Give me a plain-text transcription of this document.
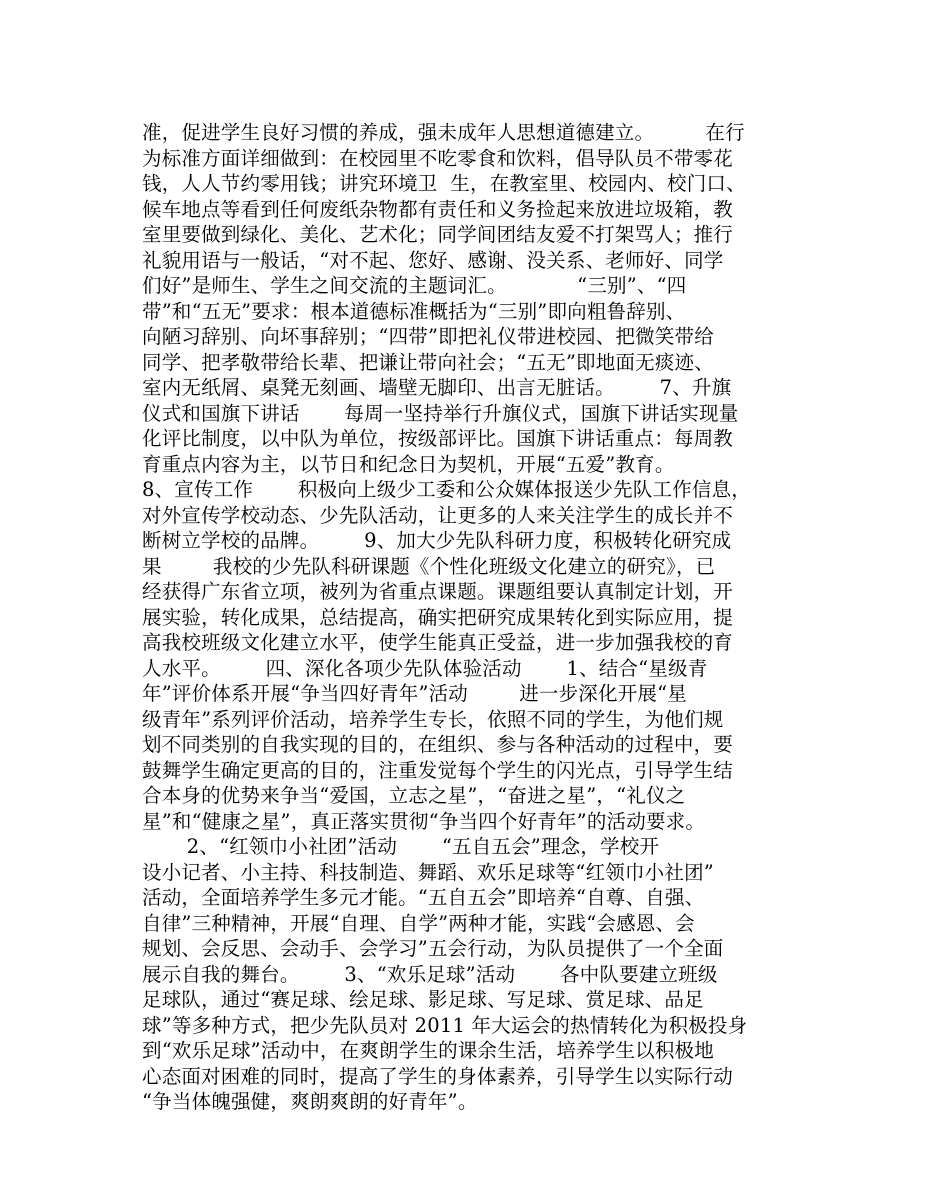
准，促进学生良好习惯的养成，强未成年人思想道德建立。        在行
为标准方面详细做到：在校园里不吃零食和饮料，倡导队员不带零花
钱，人人节约零用钱；讲究环境卫  生，在教室里、校园内、校门口、
候车地点等看到任何废纸杂物都有责任和义务捡起来放进垃圾箱，教
室里要做到绿化、美化、艺术化；同学间团结友爱不打架骂人；推行
礼貌用语与一般话，“对不起、您好、感谢、没关系、老师好、同学
们好”是师生、学生之间交流的主题词汇。           “三别”、“四
带”和“五无”要求：根本道德标准概括为“三别”即向粗鲁辞别、
向陋习辞别、向坏事辞别；“四带”即把礼仪带进校园、把微笑带给
同学、把孝敬带给长辈、把谦让带向社会；“五无”即地面无痰迹、
室内无纸屑、桌凳无刻画、墙壁无脚印、出言无脏话。       7、升旗
仪式和国旗下讲话       每周一坚持举行升旗仪式，国旗下讲话实现量
化评比制度，以中队为单位，按级部评比。国旗下讲话重点：每周教
育重点内容为主，以节日和纪念日为契机，开展“五爱”教育。
8、宣传工作       积极向上级少工委和公众媒体报送少先队工作信息，
对外宣传学校动态、少先队活动，让更多的人来关注学生的成长并不
断树立学校的品牌。       9、加大少先队科研力度，积极转化研究成
果        我校的少先队科研课题《个性化班级文化建立的研究》，已
经获得广东省立项，被列为省重点课题。课题组要认真制定计划，开
展实验，转化成果，总结提高，确实把研究成果转化到实际应用，提
高我校班级文化建立水平，使学生能真正受益，进一步加强我校的育
人水平。       四、深化各项少先队体验活动       1、结合“星级青
年”评价体系开展“争当四好青年”活动        进一步深化开展“星
级青年”系列评价活动，培养学生专长，依照不同的学生，为他们规
划不同类别的自我实现的目的，在组织、参与各种活动的过程中，要
鼓舞学生确定更高的目的，注重发觉每个学生的闪光点，引导学生结
合本身的优势来争当“爱国，立志之星”，“奋进之星”，“礼仪之
星”和“健康之星”，真正落实贯彻“争当四个好青年”的活动要求。
2、“红领巾小社团”活动       “五自五会”理念，学校开
设小记者、小主持、科技制造、舞蹈、欢乐足球等“红领巾小社团”
活动，全面培养学生多元才能。“五自五会”即培养“自尊、自强、
自律”三种精神，开展“自理、自学”两种才能，实践“会感恩、会
规划、会反思、会动手、会学习”五会行动，为队员提供了一个全面
展示自我的舞台。       3、“欢乐足球”活动       各中队要建立班级
足球队，通过“赛足球、绘足球、影足球、写足球、赏足球、品足
球”等多种方式，把少先队员对 2011 年大运会的热情转化为积极投身
到“欢乐足球”活动中，在爽朗学生的课余生活，培养学生以积极地
心态面对困难的同时，提高了学生的身体素养，引导学生以实际行动
“争当体魄强健，爽朗爽朗的好青年”。
